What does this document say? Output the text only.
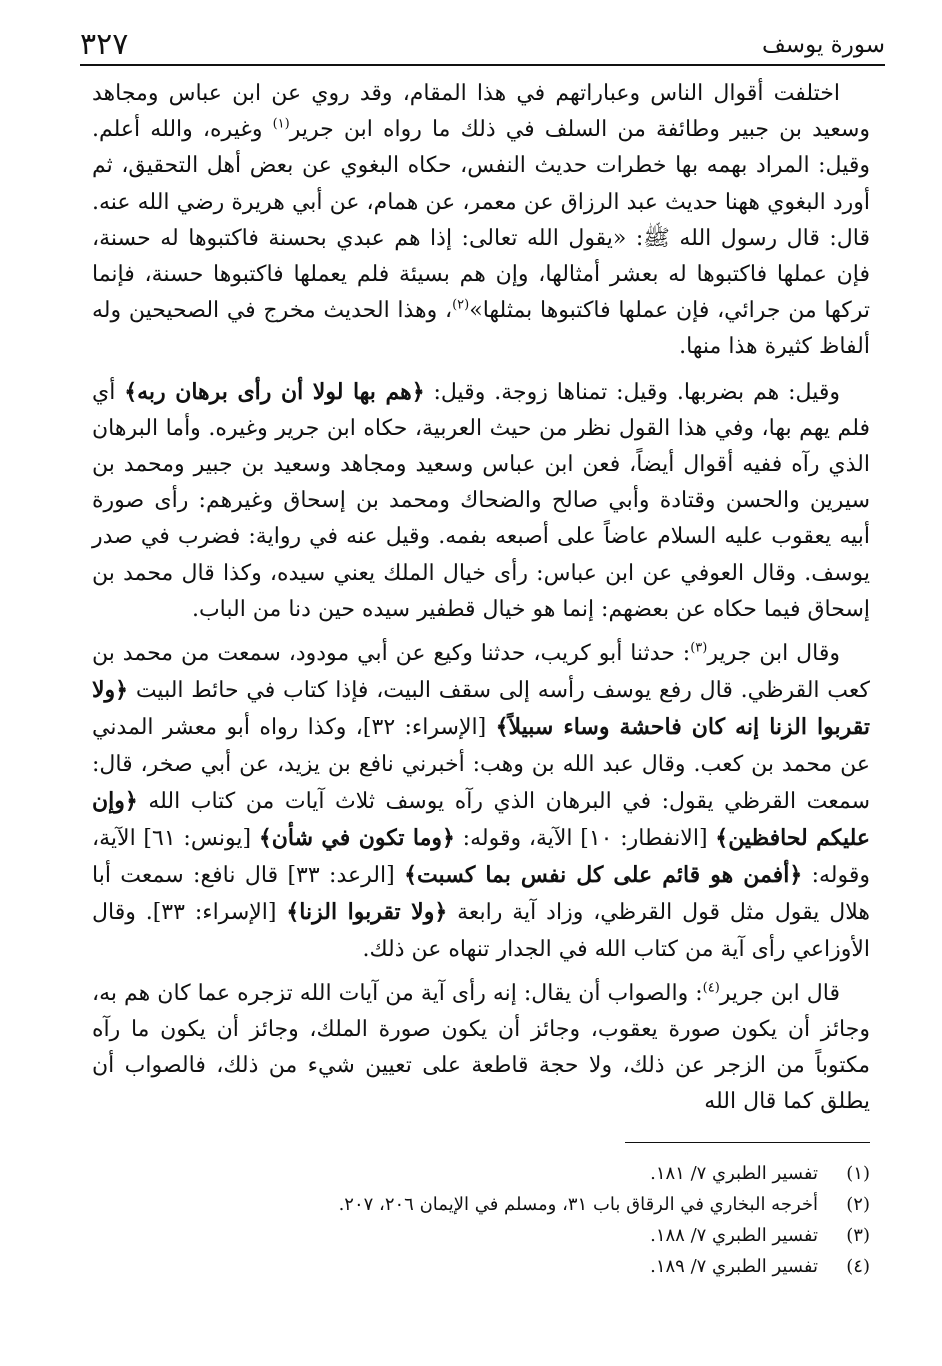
سورة يوسف
٣٢٧

اختلفت أقوال الناس وعباراتهم في هذا المقام، وقد روي عن ابن عباس ومجاهد وسعيد بن جبير وطائفة من السلف في ذلك ما رواه ابن جرير$^{(١)}$ وغيره، والله أعلم. وقيل: المراد بهمه بها خطرات حديث النفس، حكاه البغوي عن بعض أهل التحقيق، ثم أورد البغوي ههنا حديث عبد الرزاق عن معمر، عن همام، عن أبي هريرة رضي الله عنه. قال: قال رسول الله ﷺ: «يقول الله تعالى: إذا هم عبدي بحسنة فاكتبوها له حسنة، فإن عملها فاكتبوها له بعشر أمثالها، وإن هم بسيئة فلم يعملها فاكتبوها حسنة، فإنما تركها من جرائي، فإن عملها فاكتبوها بمثلها»$^{(٢)}$، وهذا الحديث مخرج في الصحيحين وله ألفاظ كثيرة هذا منها.

وقيل: هم بضربها. وقيل: تمناها زوجة. وقيل: ﴿هم بها لولا أن رأى برهان ربه﴾ أي فلم يهم بها، وفي هذا القول نظر من حيث العربية، حكاه ابن جرير وغيره. وأما البرهان الذي رآه ففيه أقوال أيضاً، فعن ابن عباس وسعيد ومجاهد وسعيد بن جبير ومحمد بن سيرين والحسن وقتادة وأبي صالح والضحاك ومحمد بن إسحاق وغيرهم: رأى صورة أبيه يعقوب عليه السلام عاضاً على أصبعه بفمه. وقيل عنه في رواية: فضرب في صدر يوسف. وقال العوفي عن ابن عباس: رأى خيال الملك يعني سيده، وكذا قال محمد بن إسحاق فيما حكاه عن بعضهم: إنما هو خيال قطفير سيده حين دنا من الباب.

وقال ابن جرير$^{(٣)}$: حدثنا أبو كريب، حدثنا وكيع عن أبي مودود، سمعت من محمد بن كعب القرظي. قال رفع يوسف رأسه إلى سقف البيت، فإذا كتاب في حائط البيت ﴿ولا تقربوا الزنا إنه كان فاحشة وساء سبيلاً﴾ [الإسراء: ٣٢]، وكذا رواه أبو معشر المدني عن محمد بن كعب. وقال عبد الله بن وهب: أخبرني نافع بن يزيد، عن أبي صخر، قال: سمعت القرظي يقول: في البرهان الذي رآه يوسف ثلاث آيات من كتاب الله ﴿وإن عليكم لحافظين﴾ [الانفطار: ١٠] الآية، وقوله: ﴿وما تكون في شأن﴾ [يونس: ٦١] الآية، وقوله: ﴿أفمن هو قائم على كل نفس بما كسبت﴾ [الرعد: ٣٣] قال نافع: سمعت أبا هلال يقول مثل قول القرظي، وزاد آية رابعة ﴿ولا تقربوا الزنا﴾ [الإسراء: ٣٣]. وقال الأوزاعي رأى آية من كتاب الله في الجدار تنهاه عن ذلك.

قال ابن جرير$^{(٤)}$: والصواب أن يقال: إنه رأى آية من آيات الله تزجره عما كان هم به، وجائز أن يكون صورة يعقوب، وجائز أن يكون صورة الملك، وجائز أن يكون ما رآه مكتوباً من الزجر عن ذلك، ولا حجة قاطعة على تعيين شيء من ذلك، فالصواب أن يطلق كما قال الله

(١)
تفسير الطبري ٧/ ١٨١.
(٢)
أخرجه البخاري في الرقاق باب ٣١، ومسلم في الإيمان ٢٠٦، ٢٠٧.
(٣)
تفسير الطبري ٧/ ١٨٨.
(٤)
تفسير الطبري ٧/ ١٨٩.
